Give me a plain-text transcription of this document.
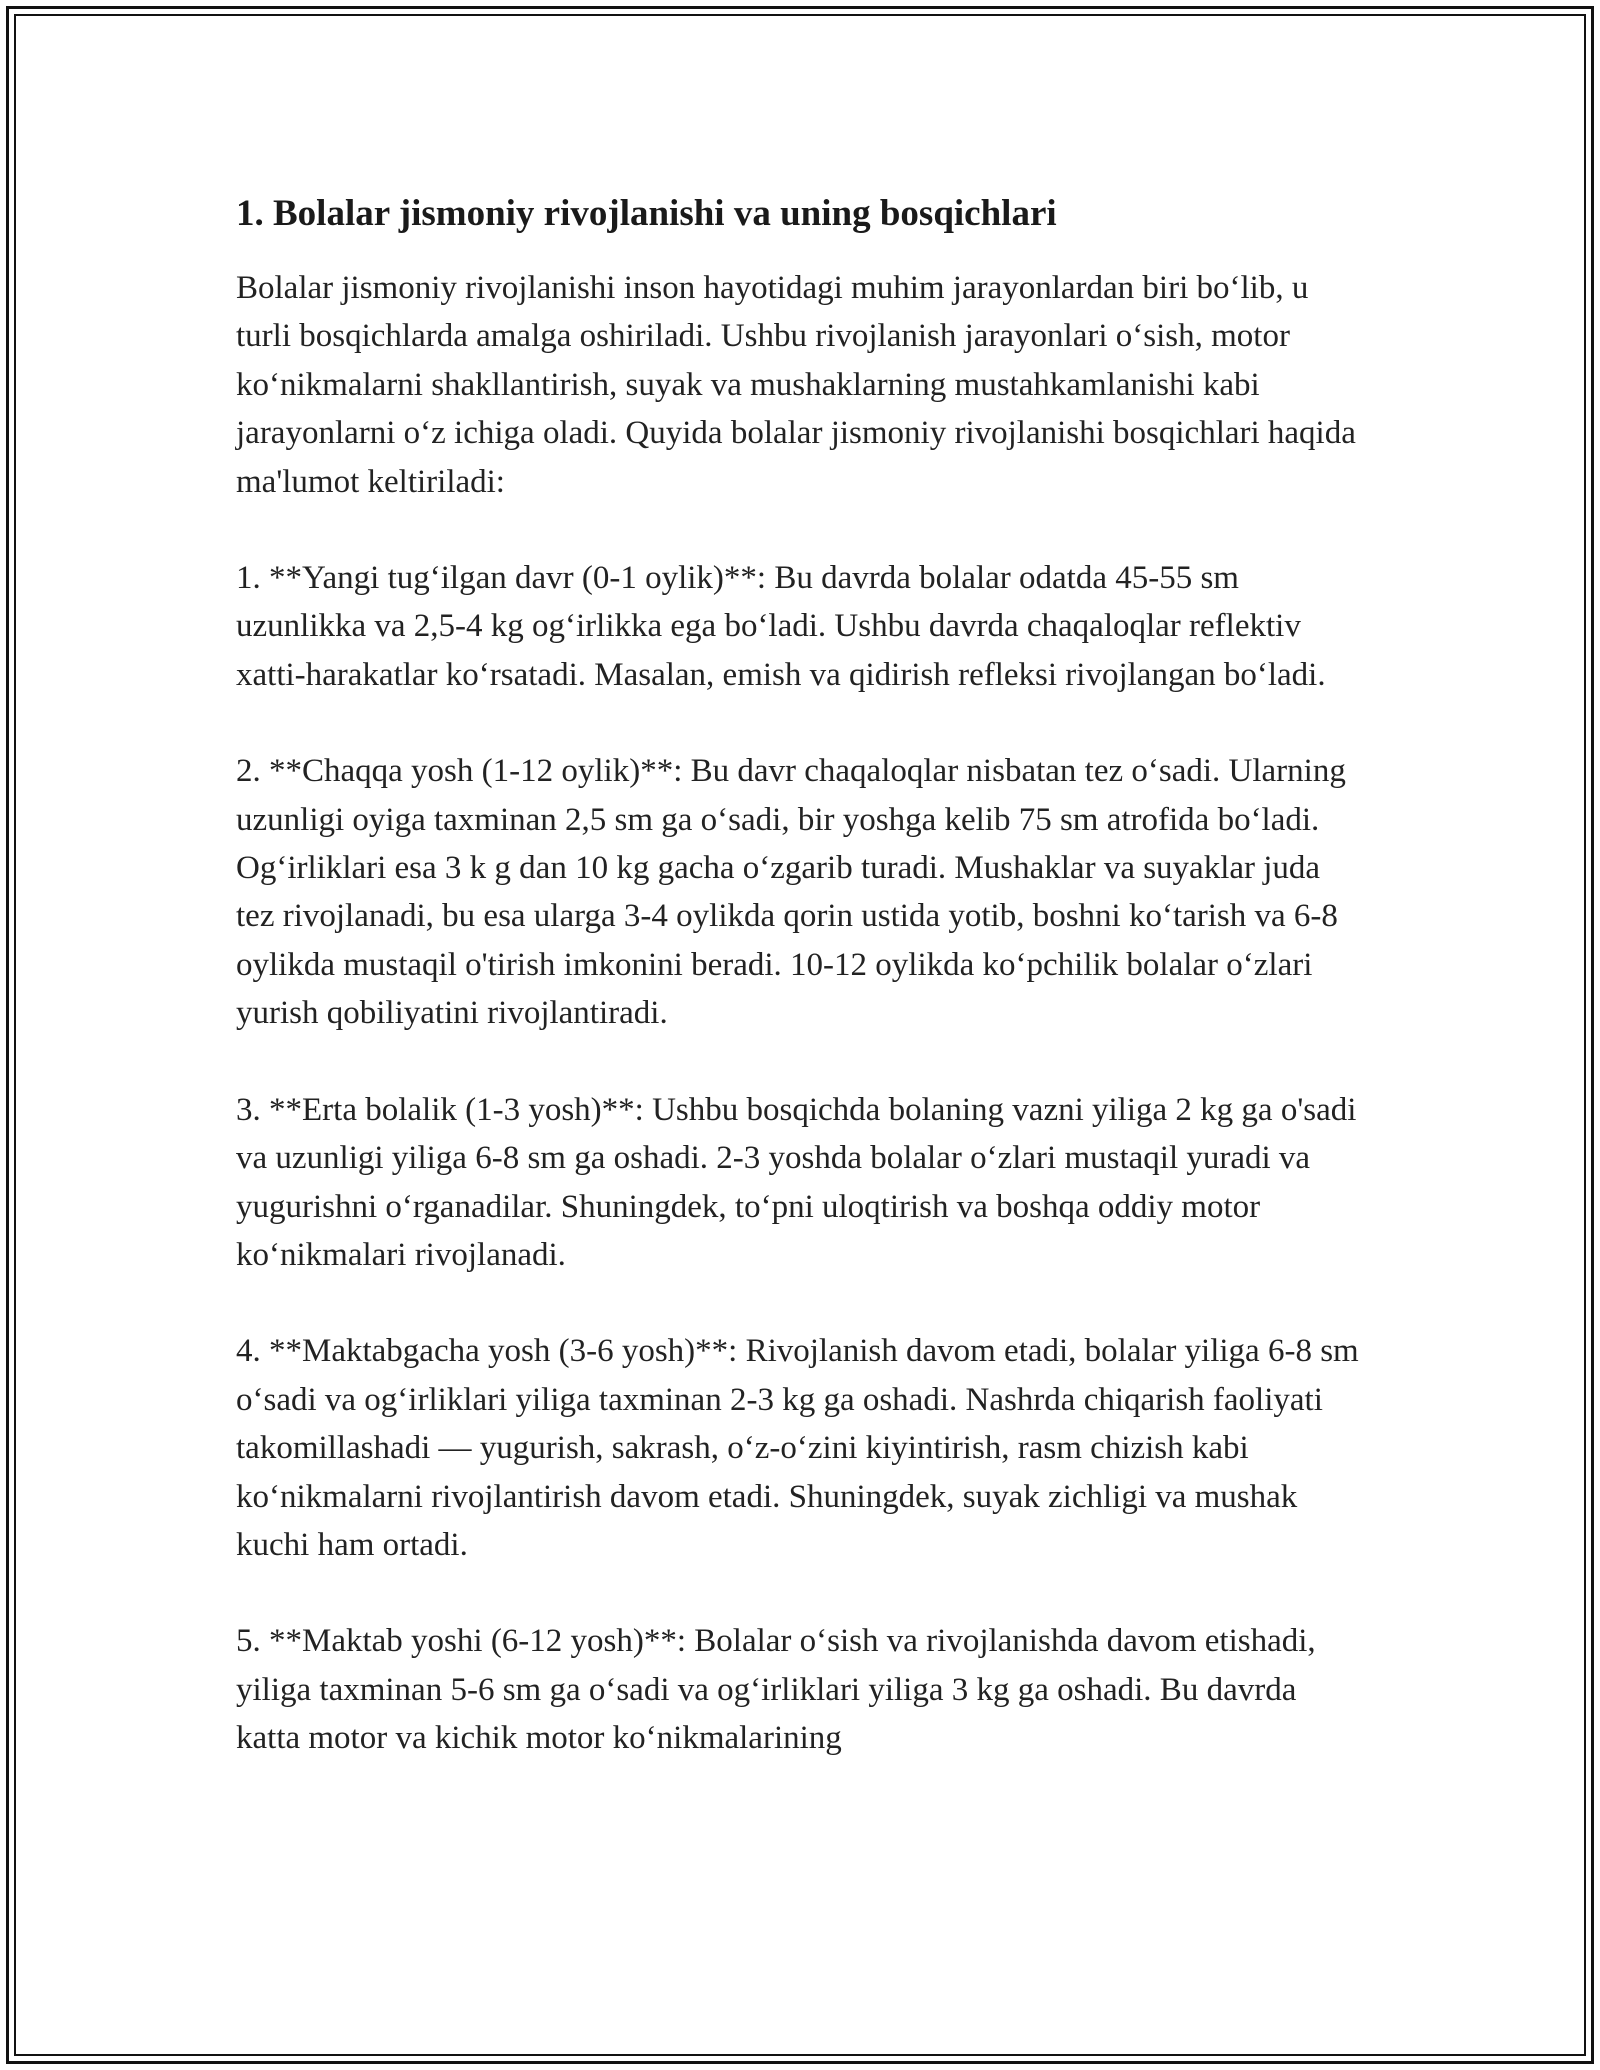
1. Bolalar jismoniy rivojlanishi va uning bosqichlari

Bolalar jismoniy rivojlanishi inson hayotidagi muhim jarayonlardan biri bo‘lib, u turli bosqichlarda amalga oshiriladi. Ushbu rivojlanish jarayonlari o‘sish, motor ko‘nikmalarni shakllantirish, suyak va mushaklarning mustahkamlanishi kabi jarayonlarni o‘z ichiga oladi. Quyida bolalar jismoniy rivojlanishi bosqichlari haqida ma'lumot keltiriladi:

1. **Yangi tug‘ilgan davr (0-1 oylik)**: Bu davrda bolalar odatda 45-55 sm uzunlikka va 2,5-4 kg og‘irlikka ega bo‘ladi. Ushbu davrda chaqaloqlar reflektiv xatti-harakatlar ko‘rsatadi. Masalan, emish va qidirish refleksi rivojlangan bo‘ladi.

2. **Chaqqa yosh (1-12 oylik)**: Bu davr chaqaloqlar nisbatan tez o‘sadi. Ularning uzunligi oyiga taxminan 2,5 sm ga o‘sadi, bir yoshga kelib 75 sm atrofida bo‘ladi. Og‘irliklari esa 3 k g dan 10 kg gacha o‘zgarib turadi. Mushaklar va suyaklar juda tez rivojlanadi, bu esa ularga 3-4 oylikda qorin ustida yotib, boshni ko‘tarish va 6-8 oylikda mustaqil o'tirish imkonini beradi. 10-12 oylikda ko‘pchilik bolalar o‘zlari yurish qobiliyatini rivojlantiradi.

3. **Erta bolalik (1-3 yosh)**: Ushbu bosqichda bolaning vazni yiliga 2 kg ga o'sadi va uzunligi yiliga 6-8 sm ga oshadi. 2-3 yoshda bolalar o‘zlari mustaqil yuradi va yugurishni o‘rganadilar. Shuningdek, to‘pni uloqtirish va boshqa oddiy motor ko‘nikmalari rivojlanadi.

4. **Maktabgacha yosh (3-6 yosh)**: Rivojlanish davom etadi, bolalar yiliga 6-8 sm o‘sadi va og‘irliklari yiliga taxminan 2-3 kg ga oshadi. Nashrda chiqarish faoliyati takomillashadi — yugurish, sakrash, o‘z-o‘zini kiyintirish, rasm chizish kabi ko‘nikmalarni rivojlantirish davom etadi. Shuningdek, suyak zichligi va mushak kuchi ham ortadi.

5. **Maktab yoshi (6-12 yosh)**: Bolalar o‘sish va rivojlanishda davom etishadi, yiliga taxminan 5-6 sm ga o‘sadi va og‘irliklari yiliga 3 kg ga oshadi. Bu davrda katta motor va kichik motor ko‘nikmalarining
